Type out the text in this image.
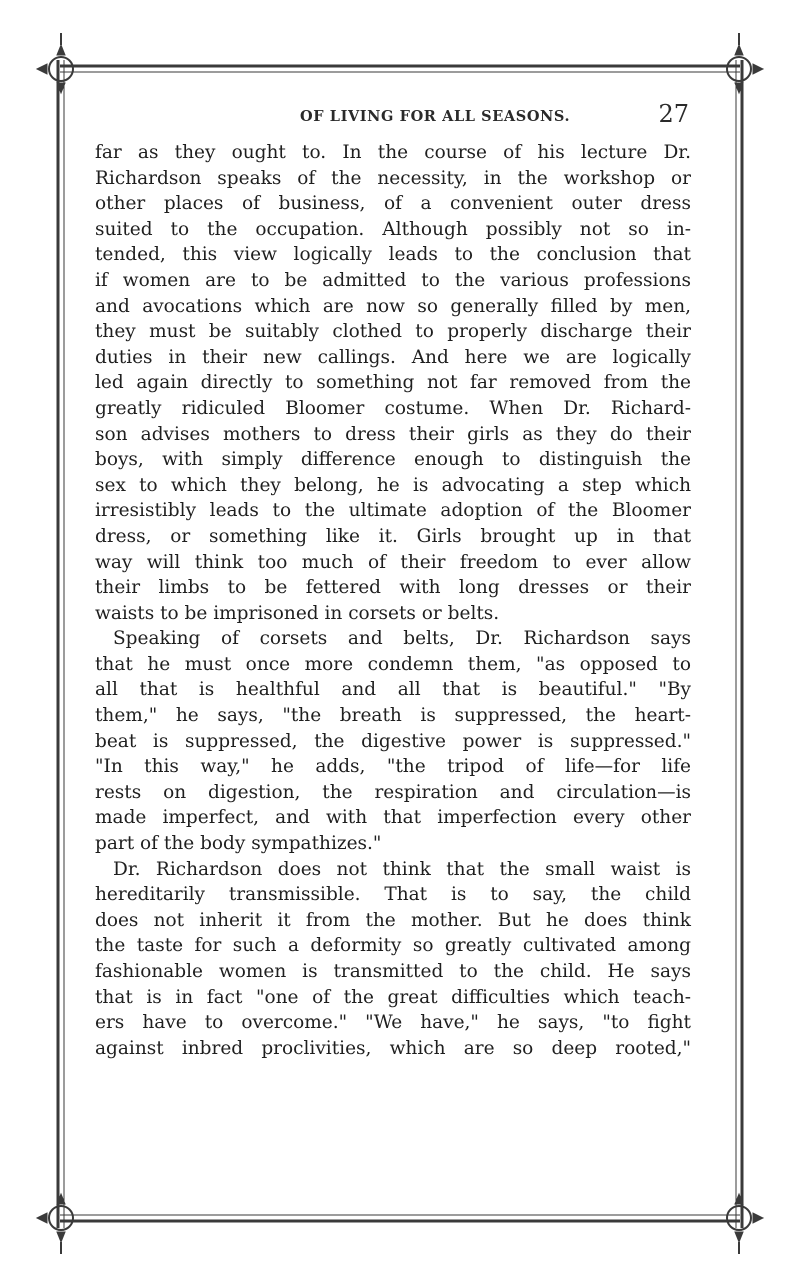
OF LIVING FOR ALL SEASONS.	27
far as they ought to. In the course of his lecture Dr.
Richardson speaks of the necessity, in the workshop or
other places of business, of a convenient outer dress
suited to the occupation. Although possibly not so in-
tended, this view logically leads to the conclusion that
if women are to be admitted to the various professions
and avocations which are now so generally filled by men,
they must be suitably clothed to properly discharge their
duties in their new callings. And here we are logically
led again directly to something not far removed from the
greatly ridiculed Bloomer costume. When Dr. Richard-
son advises mothers to dress their girls as they do their
boys, with simply difference enough to distinguish the
sex to which they belong, he is advocating a step which
irresistibly leads to the ultimate adoption of the Bloomer
dress, or something like it. Girls brought up in that
way will think too much of their freedom to ever allow
their limbs to be fettered with long dresses or their
waists to be imprisoned in corsets or belts.
Speaking of corsets and belts, Dr. Richardson says
that he must once more condemn them, "as opposed to
all that is healthful and all that is beautiful." "By
them," he says, "the breath is suppressed, the heart-
beat is suppressed, the digestive power is suppressed."
"In this way," he adds, "the tripod of life—for life
rests on digestion, the respiration and circulation—is
made imperfect, and with that imperfection every other
part of the body sympathizes."
Dr. Richardson does not think that the small waist is
hereditarily transmissible. That is to say, the child
does not inherit it from the mother. But he does think
the taste for such a deformity so greatly cultivated among
fashionable women is transmitted to the child. He says
that is in fact "one of the great difficulties which teach-
ers have to overcome." "We have," he says, "to fight
against inbred proclivities, which are so deep rooted,"
